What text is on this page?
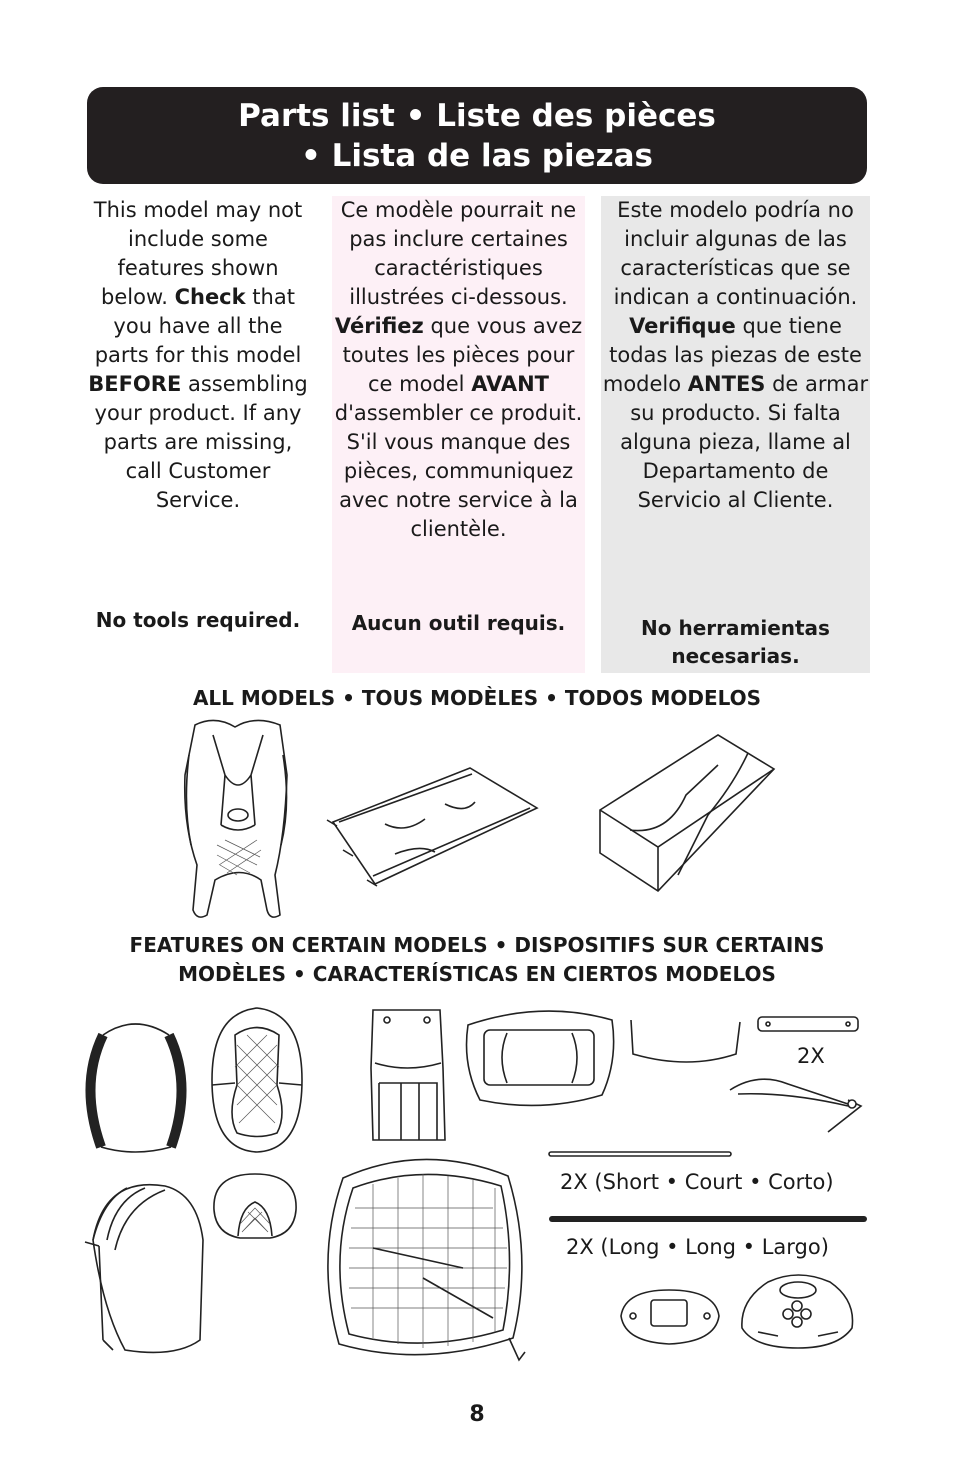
Parts list • Liste des pièces
• Lista de las piezas
This model may not include some features shown below. Check that you have all the parts for this model BEFORE assembling your product. If any parts are missing, call Customer Service.
No tools required.
Ce modèle pourrait ne pas inclure certaines caractéristiques illustrées ci-dessous. Vérifiez que vous avez toutes les pièces pour ce model AVANT d'assembler ce produit. S'il vous manque des pièces, communiquez avec notre service à la clientèle.
Aucun outil requis.
Este modelo podría no incluir algunas de las características que se indican a continuación. Verifique que tiene todas las piezas de este modelo ANTES de armar su producto. Si falta alguna pieza, llame al Departamento de Servicio al Cliente.
No herramientas necesarias.
ALL MODELS • TOUS MODÈLES • TODOS MODELOS
FEATURES ON CERTAIN MODELS • DISPOSITIFS SUR CERTAINS
MODÈLES • CARACTERÍSTICAS EN CIERTOS MODELOS
2X
2X (Short • Court • Corto)
2X (Long • Long • Largo)
8
